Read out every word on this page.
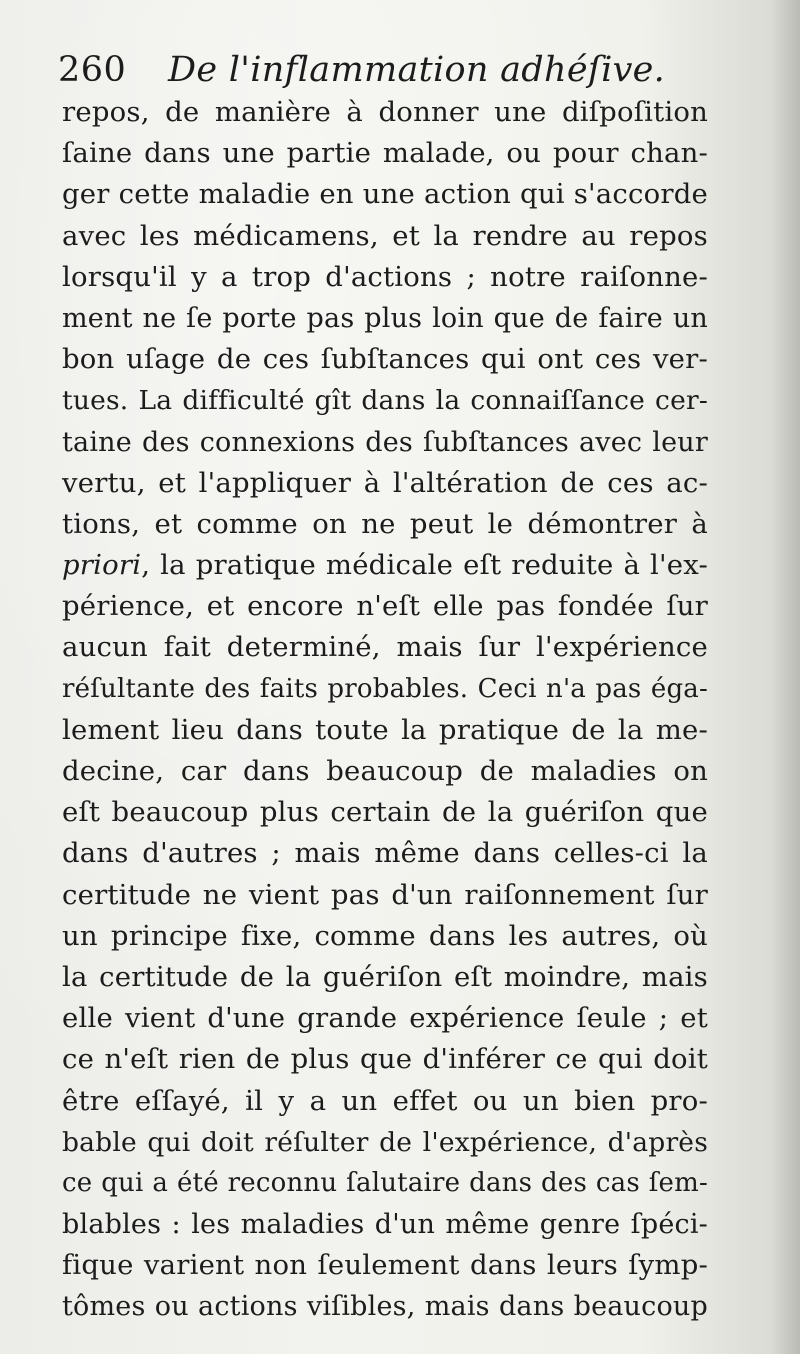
260 De l'inflammation adhéſive.
repos, de manière à donner une diſpoſition
ſaine dans une partie malade, ou pour chan-
ger cette maladie en une action qui s'accorde
avec les médicamens, et la rendre au repos
lorsqu'il y a trop d'actions ; notre raiſonne-
ment ne ſe porte pas plus loin que de faire un
bon uſage de ces ſubſtances qui ont ces ver-
tues. La difficulté gît dans la connaiſſance cer-
taine des connexions des ſubſtances avec leur
vertu, et l'appliquer à l'altération de ces ac-
tions, et comme on ne peut le démontrer à
priori, la pratique médicale eſt reduite à l'ex-
périence, et encore n'eſt elle pas fondée ſur
aucun fait determiné, mais ſur l'expérience
réſultante des faits probables. Ceci n'a pas éga-
lement lieu dans toute la pratique de la me-
decine, car dans beaucoup de maladies on
eſt beaucoup plus certain de la guériſon que
dans d'autres ; mais même dans celles-ci la
certitude ne vient pas d'un raiſonnement ſur
un principe fixe, comme dans les autres, où
la certitude de la guériſon eſt moindre, mais
elle vient d'une grande expérience ſeule ; et
ce n'eſt rien de plus que d'inférer ce qui doit
être eſſayé, il y a un effet ou un bien pro-
bable qui doit réſulter de l'expérience, d'après
ce qui a été reconnu ſalutaire dans des cas ſem-
blables : les maladies d'un même genre ſpéci-
fique varient non ſeulement dans leurs ſymp-
tômes ou actions viſibles, mais dans beaucoup
